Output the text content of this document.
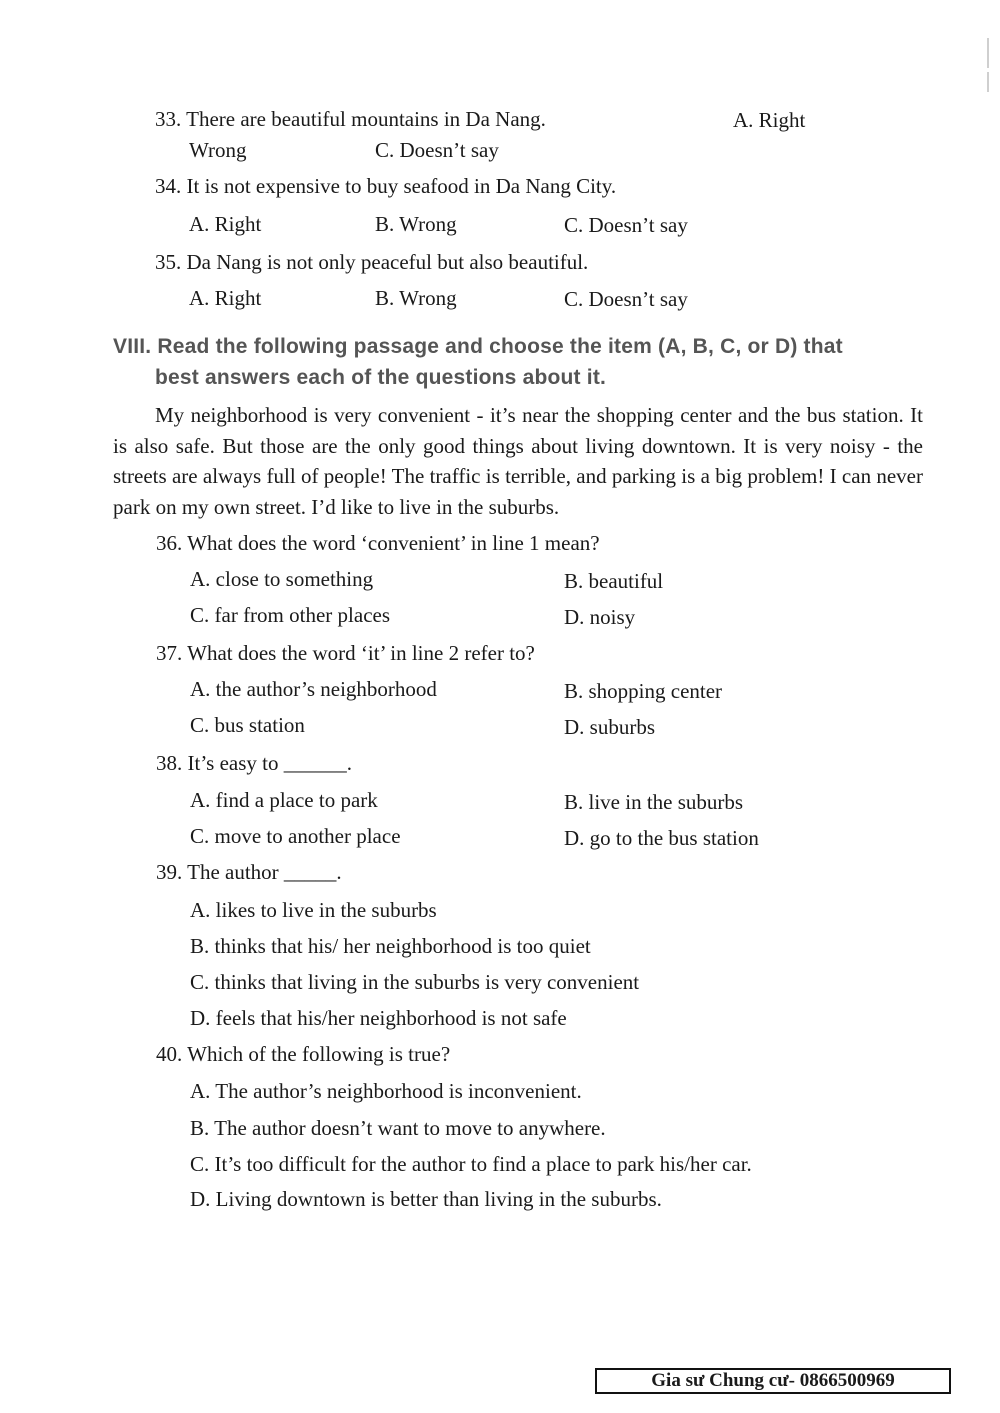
33. There are beautiful mountains in Da Nang.	A. Right
Wrong	C. Doesn’t say
34. It is not expensive to buy seafood in Da Nang City.
A. Right	B. Wrong	C. Doesn’t say
35. Da Nang is not only peaceful but also beautiful.
A. Right	B. Wrong	C. Doesn’t say
VIII. Read the following passage and choose the item (A, B, C, or D) that
best answers each of the questions about it.
My neighborhood is very convenient - it’s near the shopping center and the bus station. It is also safe. But those are the only good things about living downtown. It is very noisy - the streets are always full of people! The traffic is terrible, and parking is a big problem! I can never park on my own street. I’d like to live in the suburbs.
36. What does the word ‘convenient’ in line 1 mean?
A. close to something	B. beautiful
C. far from other places	D. noisy
37. What does the word ‘it’ in line 2 refer to?
A. the author’s neighborhood	B. shopping center
C. bus station	D. suburbs
38. It’s easy to ______.
A. find a place to park	B. live in the suburbs
C. move to another place	D. go to the bus station
39. The author _____.
A. likes to live in the suburbs
B. thinks that his/ her neighborhood is too quiet
C. thinks that living in the suburbs is very convenient
D. feels that his/her neighborhood is not safe
40. Which of the following is true?
A. The author’s neighborhood is inconvenient.
B. The author doesn’t want to move to anywhere.
C. It’s too difficult for the author to find a place to park his/her car.
D. Living downtown is better than living in the suburbs.
Gia sư Chung cư- 0866500969
